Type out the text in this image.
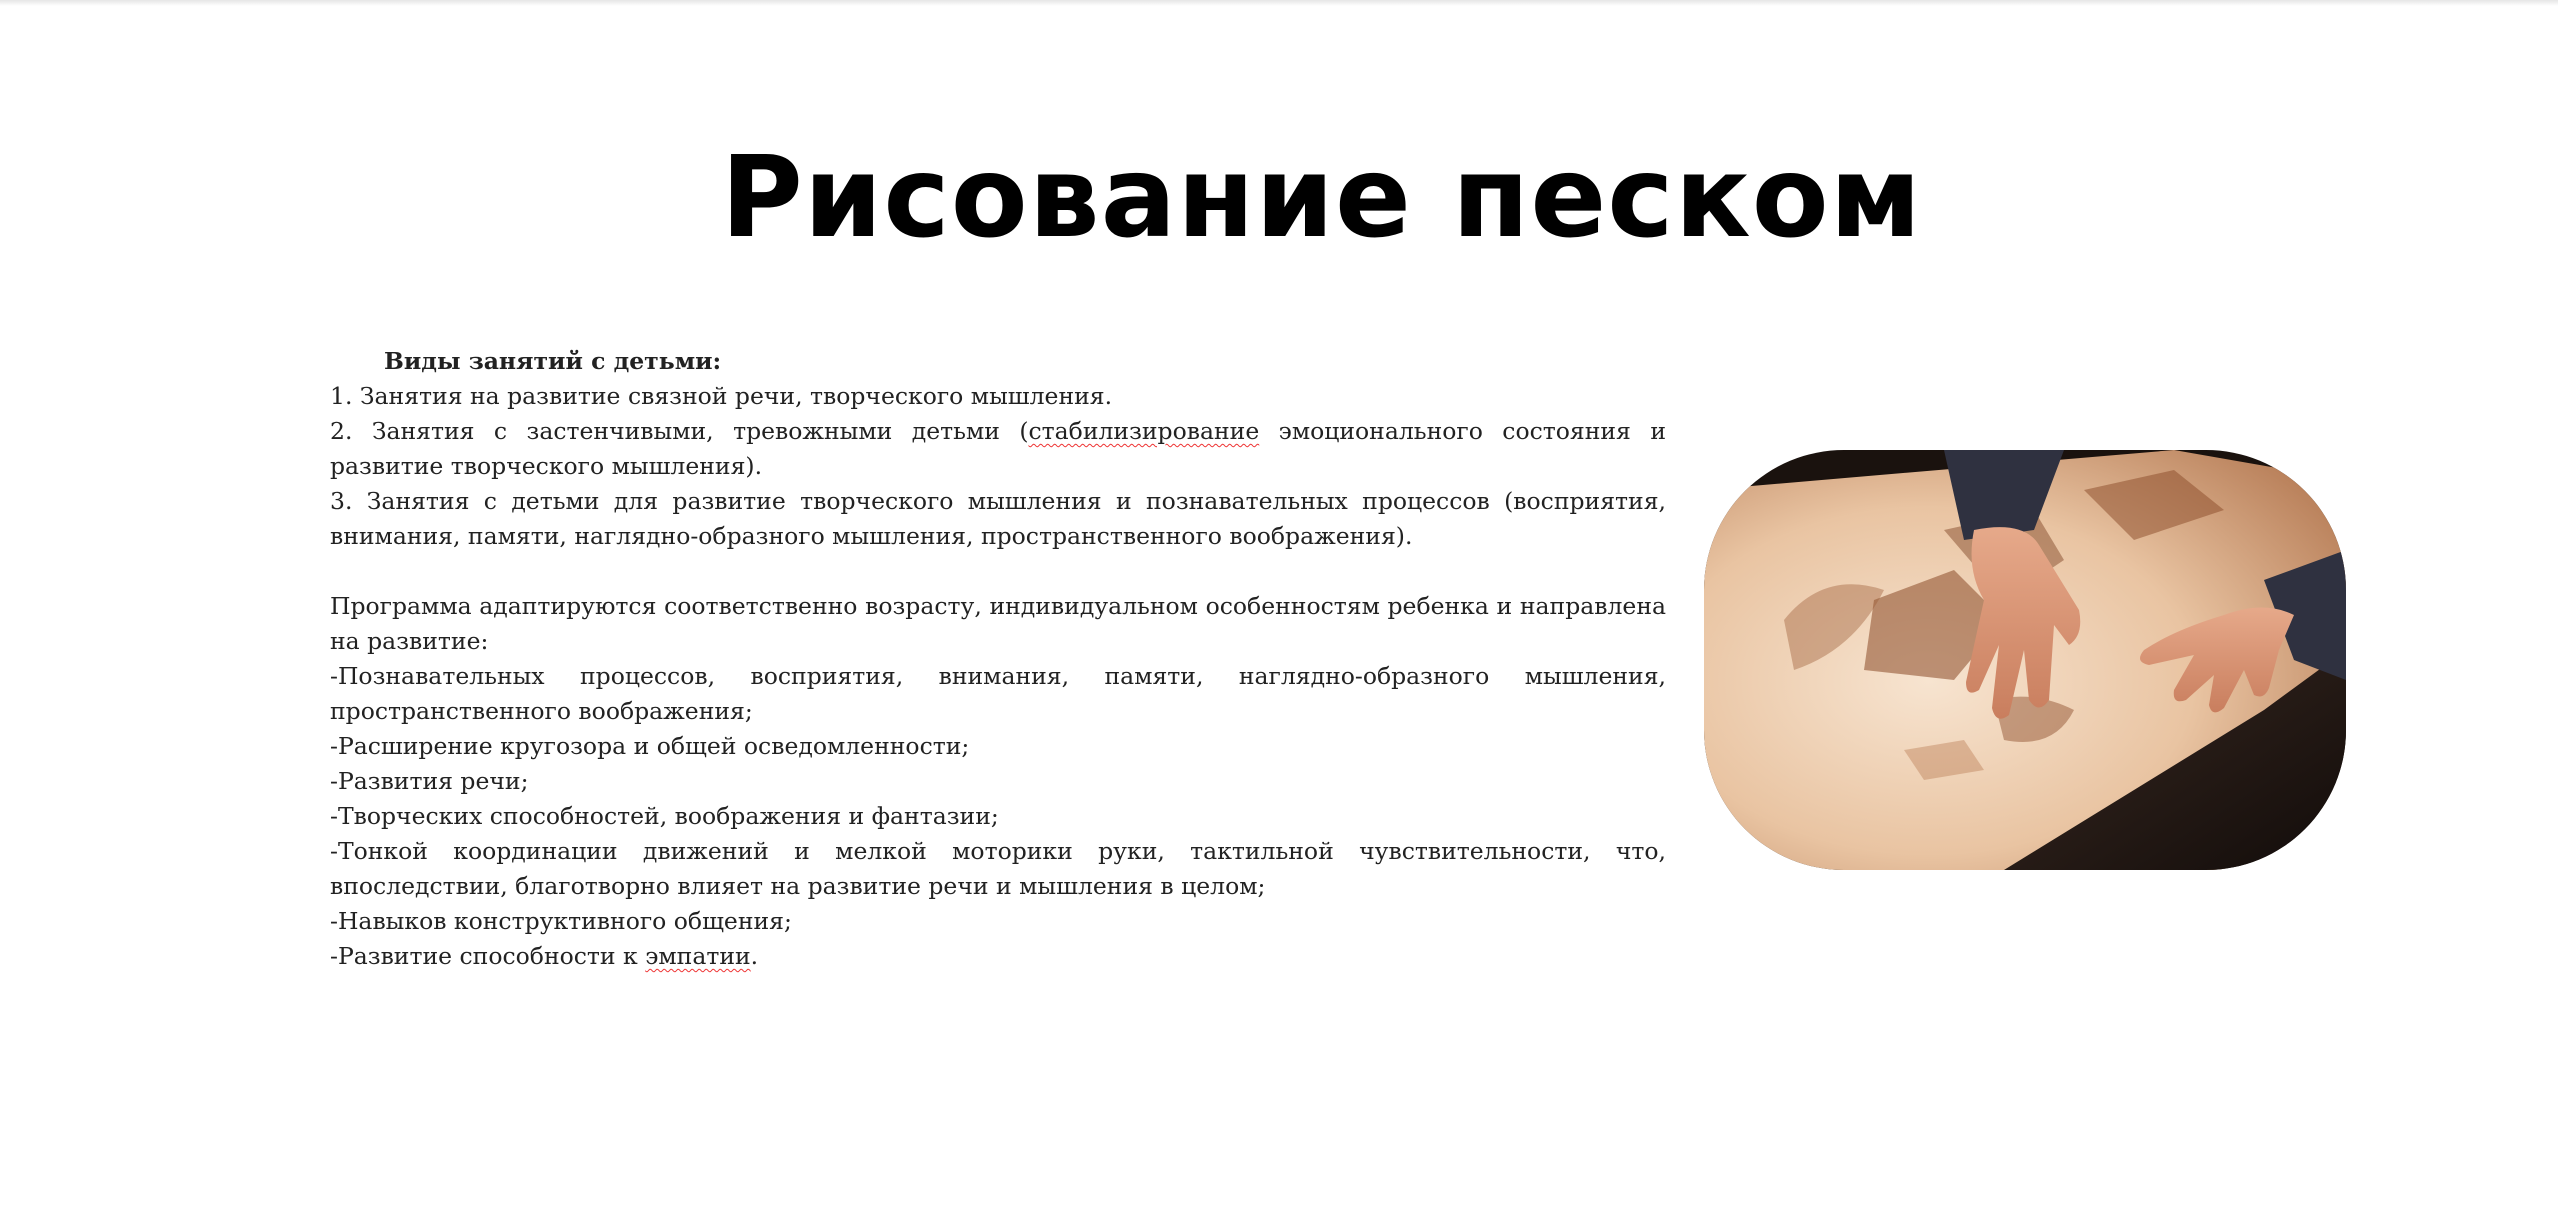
Рисование песком

Виды занятий с детьми:

1. Занятия на развитие связной речи, творческого мышления.

2. Занятия с застенчивыми, тревожными детьми (стабилизирование эмоционального состояния и развитие творческого мышления).

3. Занятия с детьми для развитие творческого мышления и познавательных процессов (восприятия, внимания, памяти, наглядно-образного мышления, пространственного воображения).

Программа адаптируются соответственно возрасту, индивидуальном особенностям ребенка и направлена на развитие:

-Познавательных процессов, восприятия, внимания, памяти, наглядно-образного мышления, пространственного воображения;

-Расширение кругозора и общей осведомленности;

-Развития речи;

-Творческих способностей, воображения и фантазии;

-Тонкой координации движений и мелкой моторики руки, тактильной чувствительности, что, впоследствии, благотворно влияет на развитие речи и мышления в целом;

-Навыков конструктивного общения;

-Развитие способности к эмпатии.
